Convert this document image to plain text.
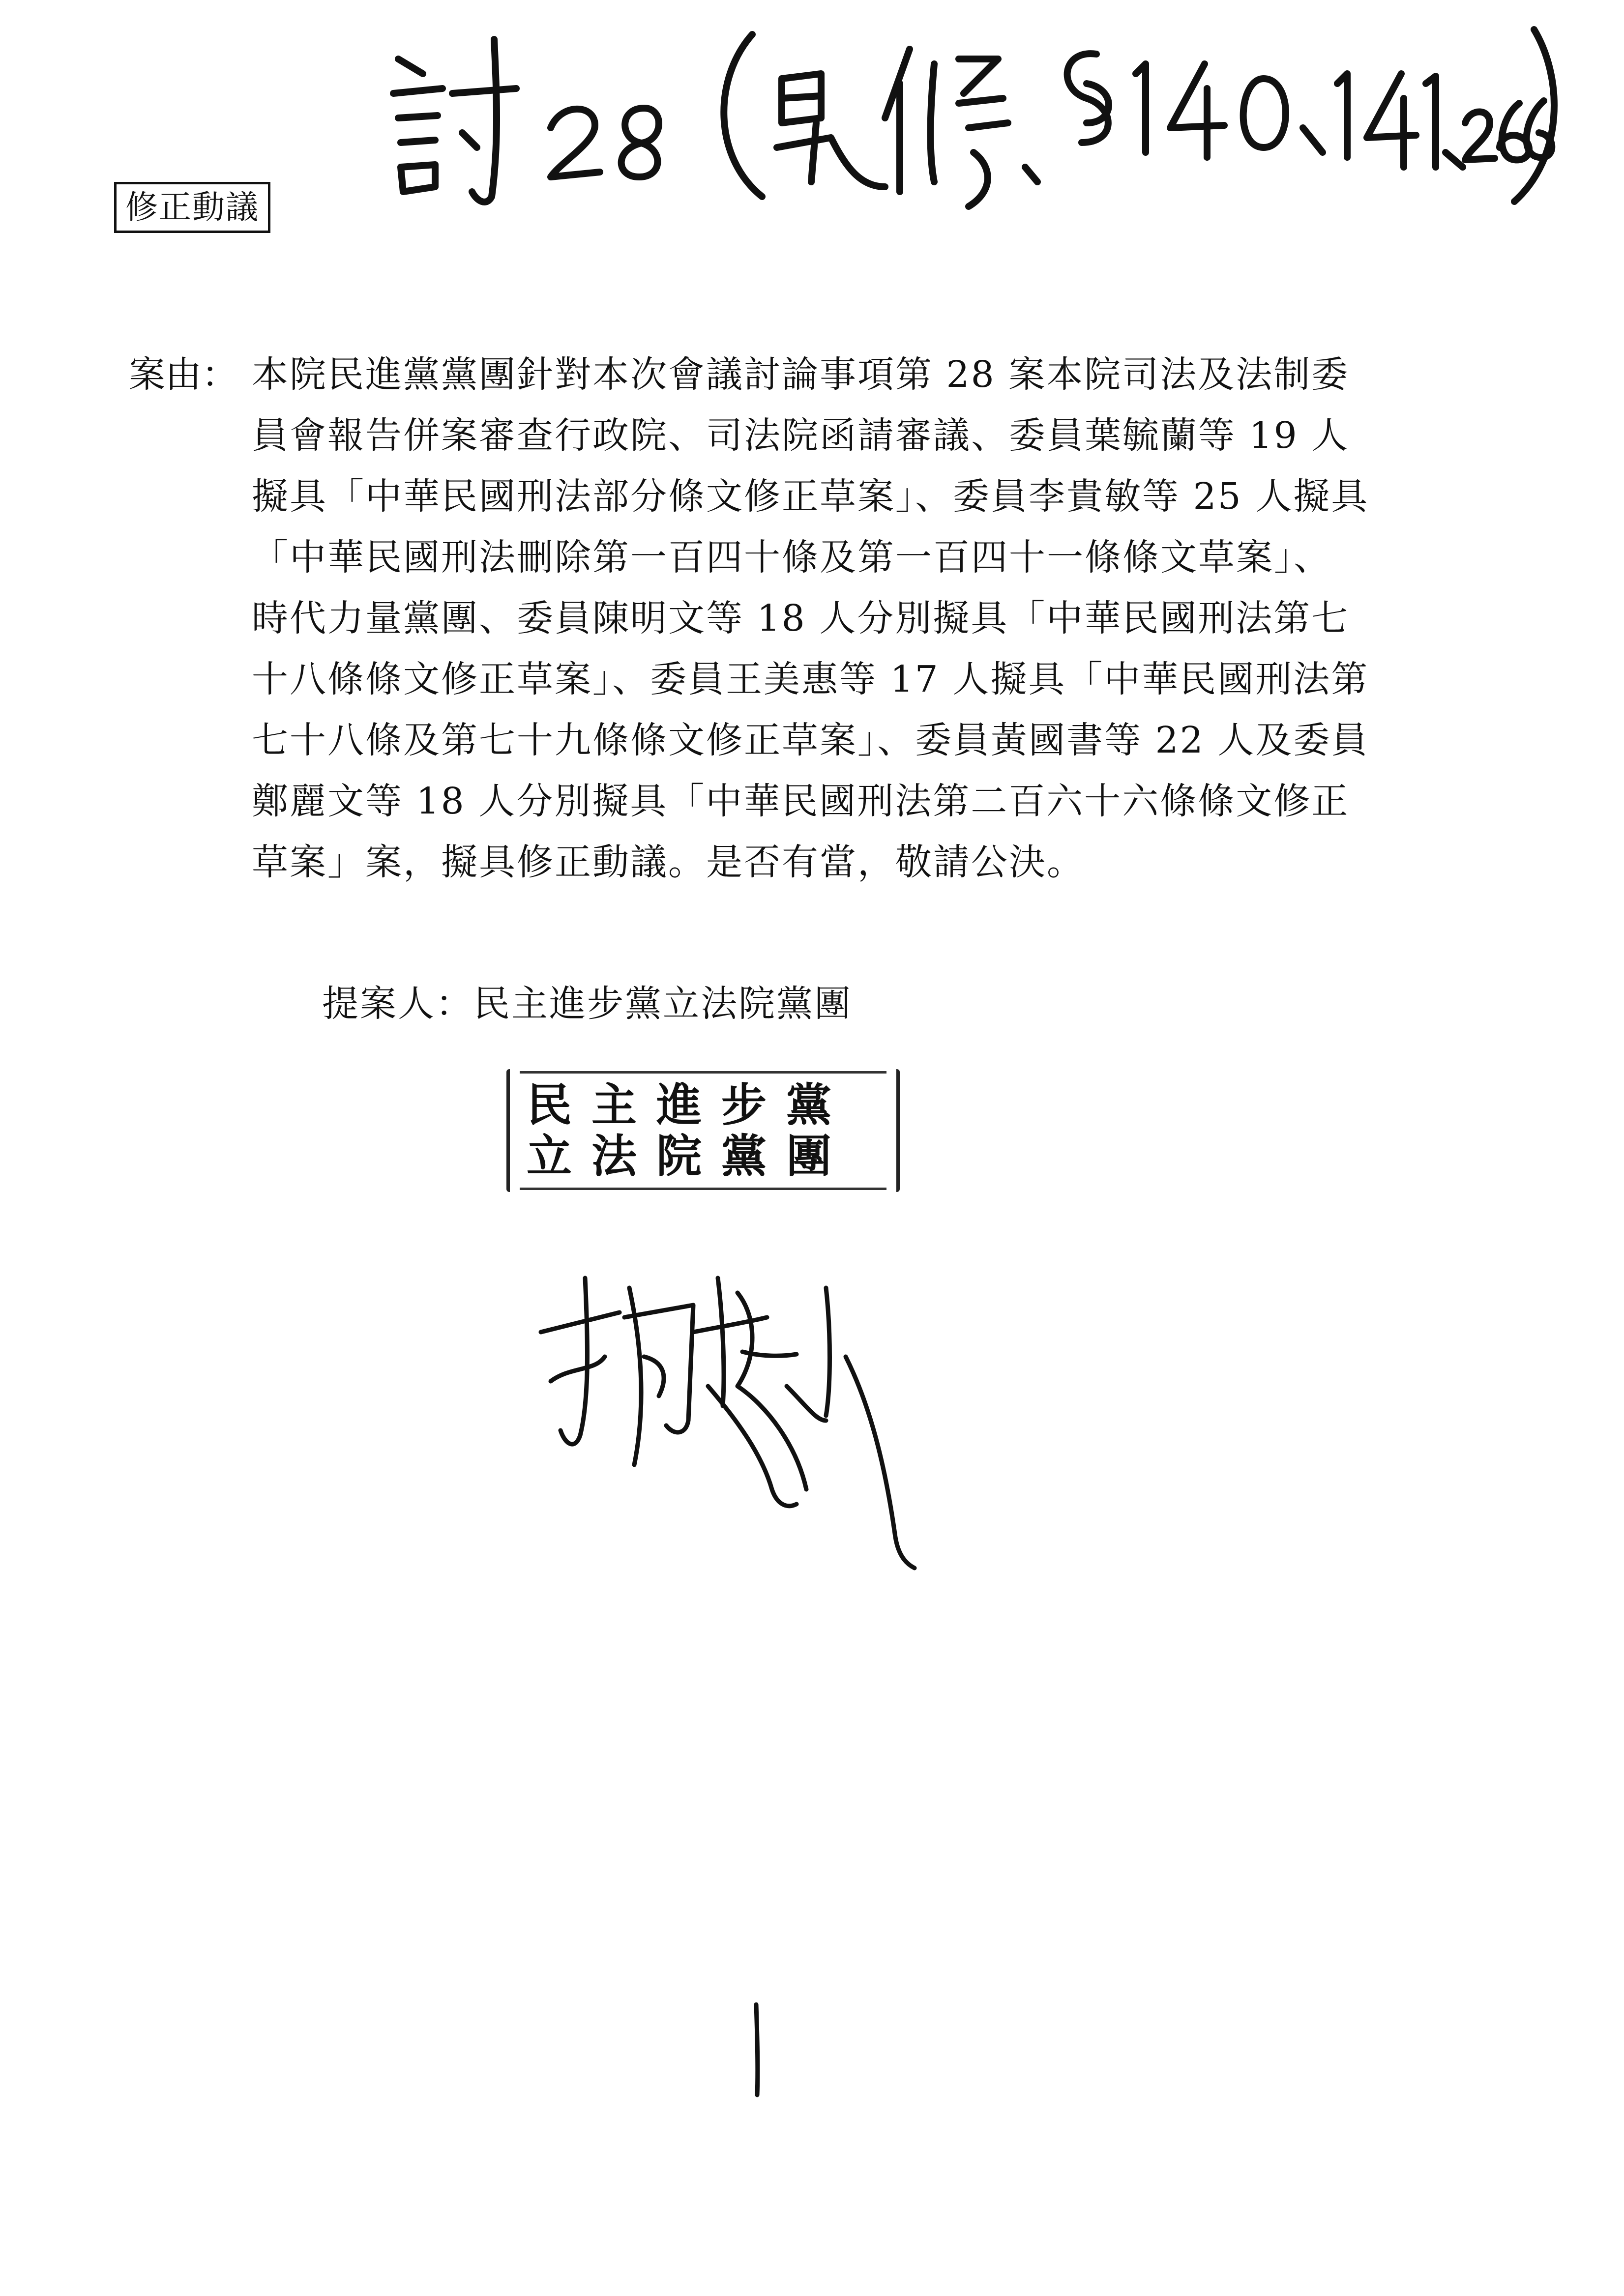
修正動議
案由： 本院民進黨黨團針對本次會議討論事項第 28 案本院司法及法制委
員會報告併案審查行政院、司法院函請審議、委員葉毓蘭等 19 人
擬具「中華民國刑法部分條文修正草案」、委員李貴敏等 25 人擬具
「中華民國刑法刪除第一百四十條及第一百四十一條條文草案」、
時代力量黨團、委員陳明文等 18 人分別擬具「中華民國刑法第七
十八條條文修正草案」、委員王美惠等 17 人擬具「中華民國刑法第
七十八條及第七十九條條文修正草案」、委員黃國書等 22 人及委員
鄭麗文等 18 人分別擬具「中華民國刑法第二百六十六條條文修正
草案」案，擬具修正動議。是否有當，敬請公決。
提案人：民主進步黨立法院黨團
民主進步黨
立法院黨團
